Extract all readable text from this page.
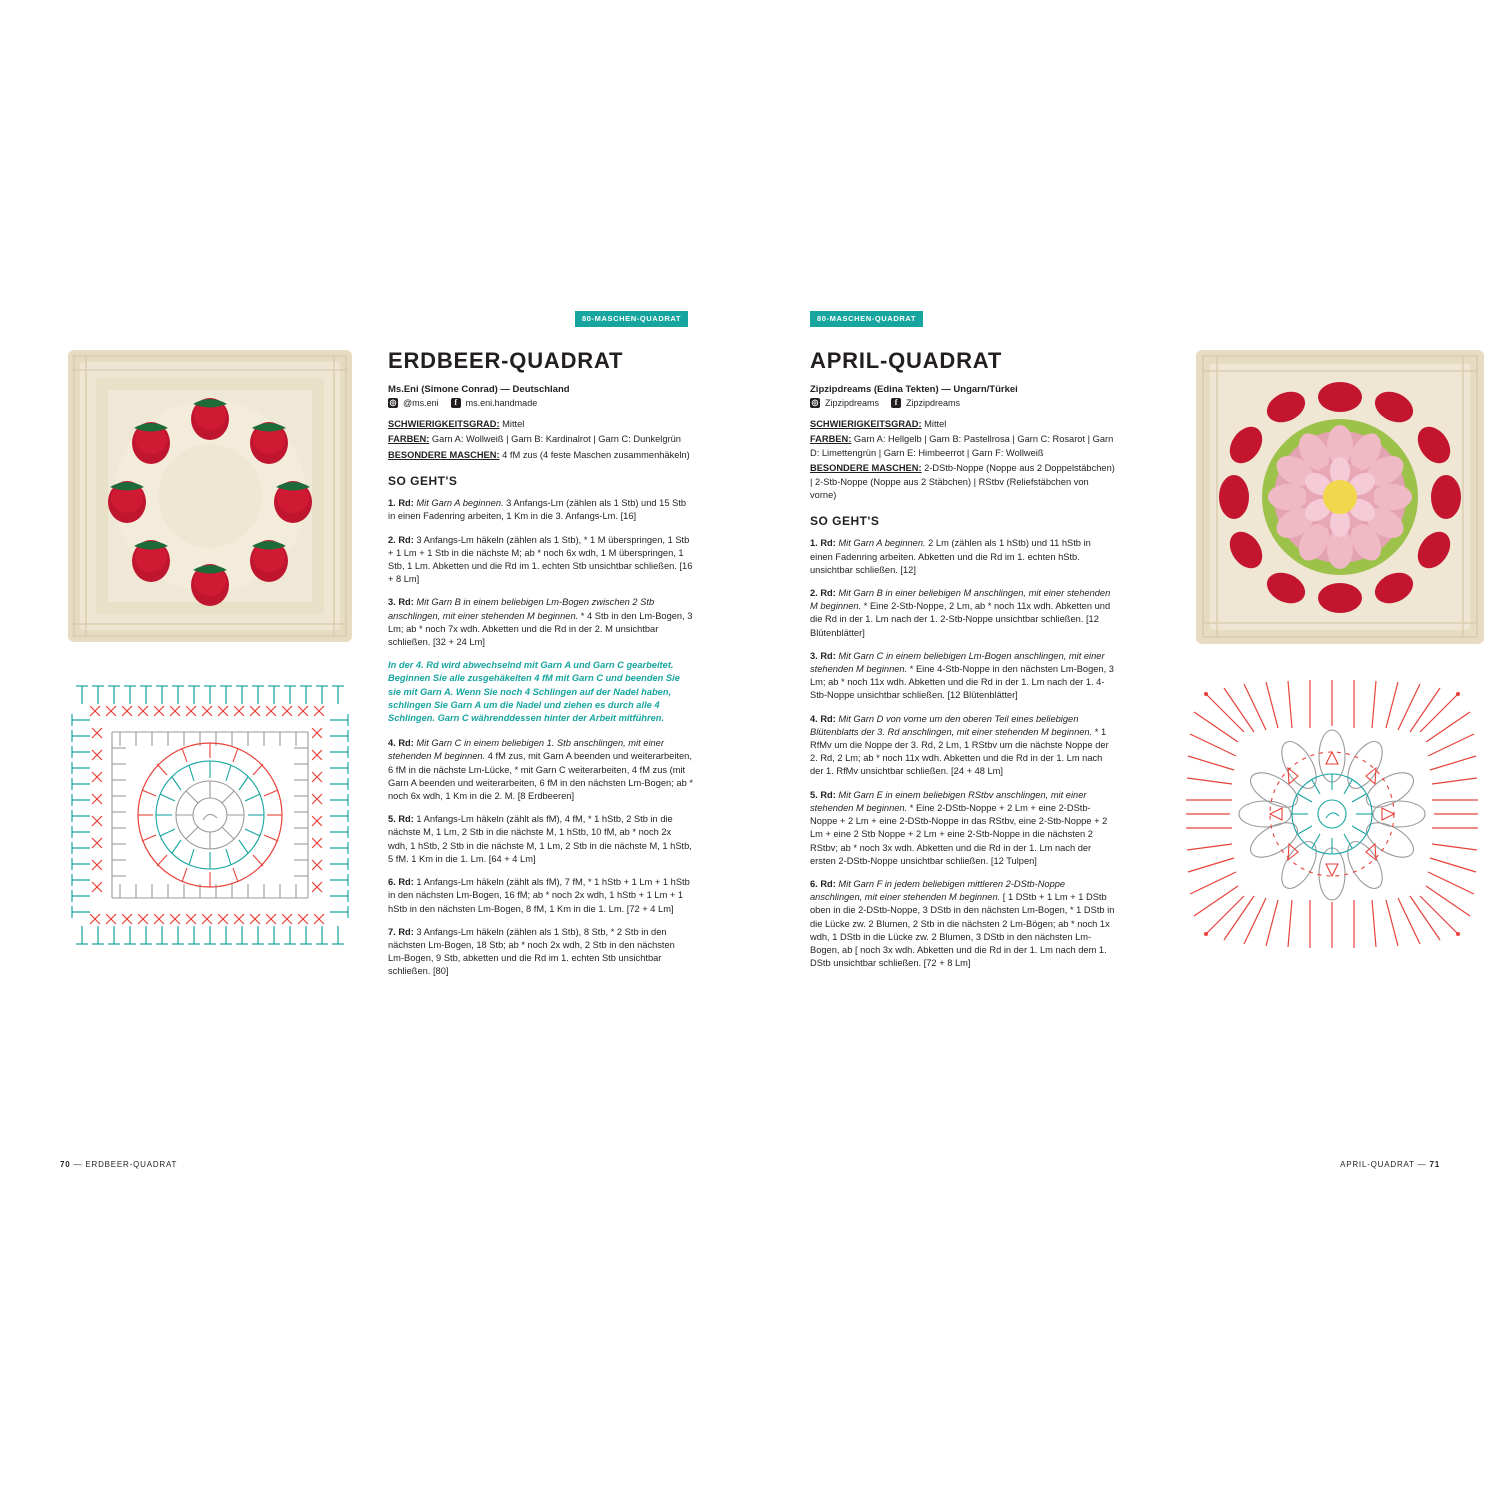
80-MASCHEN-QUADRAT
ERDBEER-QUADRAT

Ms.Eni (Simone Conrad) — Deutschland

◎ @ms.eni	f ms.eni.handmade

SCHWIERIGKEITSGRAD: Mittel

FARBEN: Garn A: Wollweiß | Garn B: Kardinalrot | Garn C: Dunkelgrün

BESONDERE MASCHEN: 4 fM zus (4 feste Maschen zusammenhäkeln)

SO GEHT'S

1. Rd: Mit Garn A beginnen. 3 Anfangs-Lm (zählen als 1 Stb) und 15 Stb in einen Fadenring arbeiten, 1 Km in die 3. Anfangs-Lm. [16]

2. Rd: 3 Anfangs-Lm häkeln (zählen als 1 Stb), * 1 M überspringen, 1 Stb + 1 Lm + 1 Stb in die nächste M; ab * noch 6x wdh, 1 M überspringen, 1 Stb, 1 Lm. Abketten und die Rd im 1. echten Stb unsichtbar schließen. [16 + 8 Lm]

3. Rd: Mit Garn B in einem beliebigen Lm-Bogen zwischen 2 Stb anschlingen, mit einer stehenden M beginnen. * 4 Stb in den Lm-Bogen, 3 Lm; ab * noch 7x wdh. Abketten und die Rd in der 2. M unsichtbar schließen. [32 + 24 Lm]

In der 4. Rd wird abwechselnd mit Garn A und Garn C gearbeitet. Beginnen Sie alle zusgehäkelten 4 fM mit Garn C und beenden Sie sie mit Garn A. Wenn Sie noch 4 Schlingen auf der Nadel haben, schlingen Sie Garn A um die Nadel und ziehen es durch alle 4 Schlingen. Garn C währenddessen hinter der Arbeit mitführen.

4. Rd: Mit Garn C in einem beliebigen 1. Stb anschlingen, mit einer stehenden M beginnen. 4 fM zus, mit Garn A beenden und weiterarbeiten, 6 fM in die nächste Lm-Lücke, * mit Garn C weiterarbeiten, 4 fM zus (mit Garn A beenden und weiterarbeiten, 6 fM in den nächsten Lm-Bogen; ab * noch 6x wdh, 1 Km in die 2. M. [8 Erdbeeren]

5. Rd: 1 Anfangs-Lm häkeln (zählt als fM), 4 fM, * 1 hStb, 2 Stb in die nächste M, 1 Lm, 2 Stb in die nächste M, 1 hStb, 10 fM, ab * noch 2x wdh, 1 hStb, 2 Stb in die nächste M, 1 Lm, 2 Stb in die nächste M, 1 hStb, 5 fM. 1 Km in die 1. Lm. [64 + 4 Lm]

6. Rd: 1 Anfangs-Lm häkeln (zählt als fM), 7 fM, * 1 hStb + 1 Lm + 1 hStb in den nächsten Lm-Bogen, 16 fM; ab * noch 2x wdh, 1 hStb + 1 Lm + 1 hStb in den nächsten Lm-Bogen, 8 fM, 1 Km in die 1. Lm. [72 + 4 Lm]

7. Rd: 3 Anfangs-Lm häkeln (zählen als 1 Stb), 8 Stb, * 2 Stb in den nächsten Lm-Bogen, 18 Stb; ab * noch 2x wdh, 2 Stb in den nächsten Lm-Bogen, 9 Stb, abketten und die Rd im 1. echten Stb unsichtbar schließen. [80]

80-MASCHEN-QUADRAT
APRIL-QUADRAT

Zipzipdreams (Edina Tekten) — Ungarn/Türkei

◎ Zipzipdreams	f Zipzipdreams

SCHWIERIGKEITSGRAD: Mittel

FARBEN: Garn A: Hellgelb | Garn B: Pastellrosa | Garn C: Rosarot | Garn D: Limettengrün | Garn E: Himbeerrot | Garn F: Wollweiß

BESONDERE MASCHEN: 2-DStb-Noppe (Noppe aus 2 Doppelstäbchen) | 2-Stb-Noppe (Noppe aus 2 Stäbchen) | RStbv (Reliefstäbchen von vorne)

SO GEHT'S

1. Rd: Mit Garn A beginnen. 2 Lm (zählen als 1 hStb) und 11 hStb in einen Fadenring arbeiten. Abketten und die Rd im 1. echten hStb. unsichtbar schließen. [12]

2. Rd: Mit Garn B in einer beliebigen M anschlingen, mit einer stehenden M beginnen. * Eine 2-Stb-Noppe, 2 Lm, ab * noch 11x wdh. Abketten und die Rd in der 1. Lm nach der 1. 2-Stb-Noppe unsichtbar schließen. [12 Blütenblätter]

3. Rd: Mit Garn C in einem beliebigen Lm-Bogen anschlingen, mit einer stehenden M beginnen. * Eine 4-Stb-Noppe in den nächsten Lm-Bogen, 3 Lm; ab * noch 11x wdh. Abketten und die Rd in der 1. Lm nach der 1. 4-Stb-Noppe unsichtbar schließen. [12 Blütenblätter]

4. Rd: Mit Garn D von vorne um den oberen Teil eines beliebigen Blütenblatts der 3. Rd anschlingen, mit einer stehenden M beginnen. * 1 RfMv um die Noppe der 3. Rd, 2 Lm, 1 RStbv um die nächste Noppe der 2. Rd, 2 Lm; ab * noch 11x wdh. Abketten und die Rd in der 1. Lm nach der 1. RfMv unsichtbar schließen. [24 + 48 Lm]

5. Rd: Mit Garn E in einem beliebigen RStbv anschlingen, mit einer stehenden M beginnen. * Eine 2-DStb-Noppe + 2 Lm + eine 2-DStb-Noppe + 2 Lm + eine 2-DStb-Noppe in das RStbv, eine 2-Stb-Noppe + 2 Lm + eine 2 Stb Noppe + 2 Lm + eine 2-Stb-Noppe in die nächsten 2 RStbv; ab * noch 3x wdh. Abketten und die Rd in der 1. Lm nach der ersten 2-DStb-Noppe unsichtbar schließen. [12 Tulpen]

6. Rd: Mit Garn F in jedem beliebigen mittleren 2-DStb-Noppe anschlingen, mit einer stehenden M beginnen. [ 1 DStb + 1 Lm + 1 DStb oben in die 2-DStb-Noppe, 3 DStb in den nächsten Lm-Bogen, * 1 DStb in die Lücke zw. 2 Blumen, 2 Stb in die nächsten 2 Lm-Bögen; ab * noch 1x wdh, 1 DStb in die Lücke zw. 2 Blumen, 3 DStb in den nächsten Lm-Bogen, ab [ noch 3x wdh. Abketten und die Rd in der 1. Lm nach dem 1. DStb unsichtbar schließen. [72 + 8 Lm]

70 — ERDBEER-QUADRAT	APRIL-QUADRAT — 71
